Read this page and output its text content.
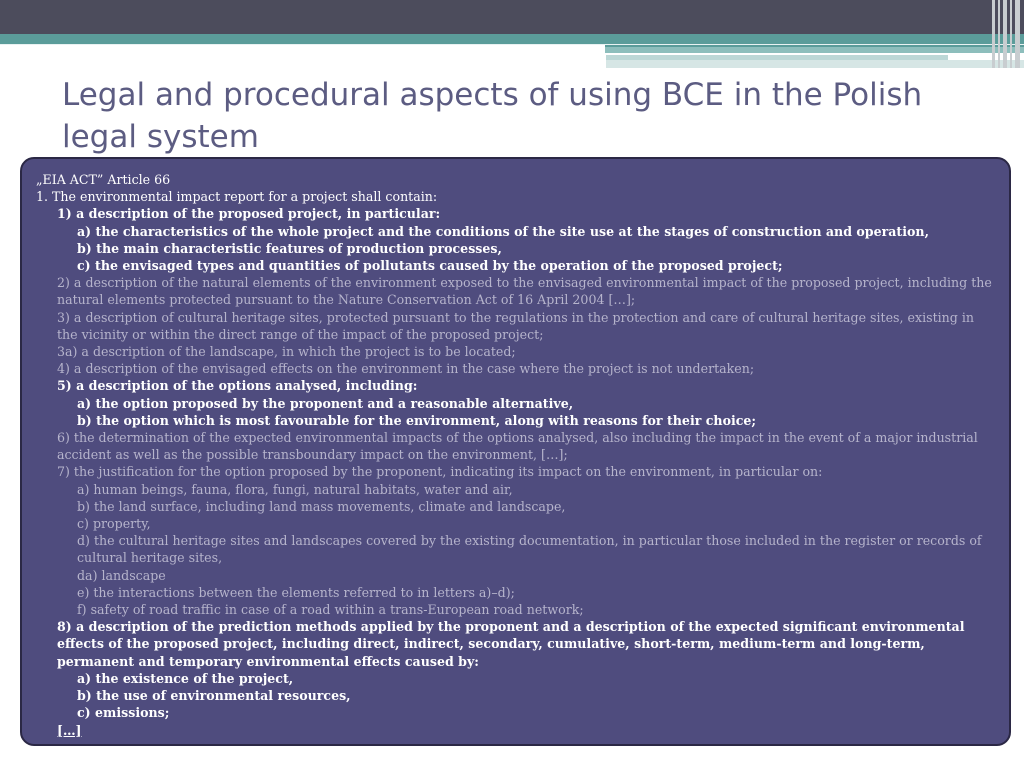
Legal and procedural aspects of using BCE in the Polish legal system
„EIA ACT” Article 66
1. The environmental impact report for a project shall contain:
1) a description of the proposed project, in particular:
a) the characteristics of the whole project and the conditions of the site use at the stages of construction and operation,
b) the main characteristic features of production processes,
c) the envisaged types and quantities of pollutants caused by the operation of the proposed project;
2) a description of the natural elements of the environment exposed to the envisaged environmental impact of the proposed project, including the natural elements protected pursuant to the Nature Conservation Act of 16 April 2004 […];
3) a description of cultural heritage sites, protected pursuant to the regulations in the protection and care of cultural heritage sites, existing in the vicinity or within the direct range of the impact of the proposed project;
3a) a description of the landscape, in which the project is to be located;
4) a description of the envisaged effects on the environment in the case where the project is not undertaken;
5) a description of the options analysed, including:
a) the option proposed by the proponent and a reasonable alternative,
b) the option which is most favourable for the environment, along with reasons for their choice;
6) the determination of the expected environmental impacts of the options analysed, also including the impact in the event of a major industrial accident as well as the possible transboundary impact on the environment, […];
7) the justification for the option proposed by the proponent, indicating its impact on the environment, in particular on:
a) human beings, fauna, flora, fungi, natural habitats, water and air,
b) the land surface, including land mass movements, climate and landscape,
c) property,
d) the cultural heritage sites and landscapes covered by the existing documentation, in particular those included in the register or records of cultural heritage sites,
da) landscape
e) the interactions between the elements referred to in letters a)–d);
f) safety of road traffic in case of a road within a trans-European road network;
8) a description of the prediction methods applied by the proponent and a description of the expected significant environmental effects of the proposed project, including direct, indirect, secondary, cumulative, short-term, medium-term and long-term, permanent and temporary environmental effects caused by:
a) the existence of the project,
b) the use of environmental resources,
c) emissions;
[…]
